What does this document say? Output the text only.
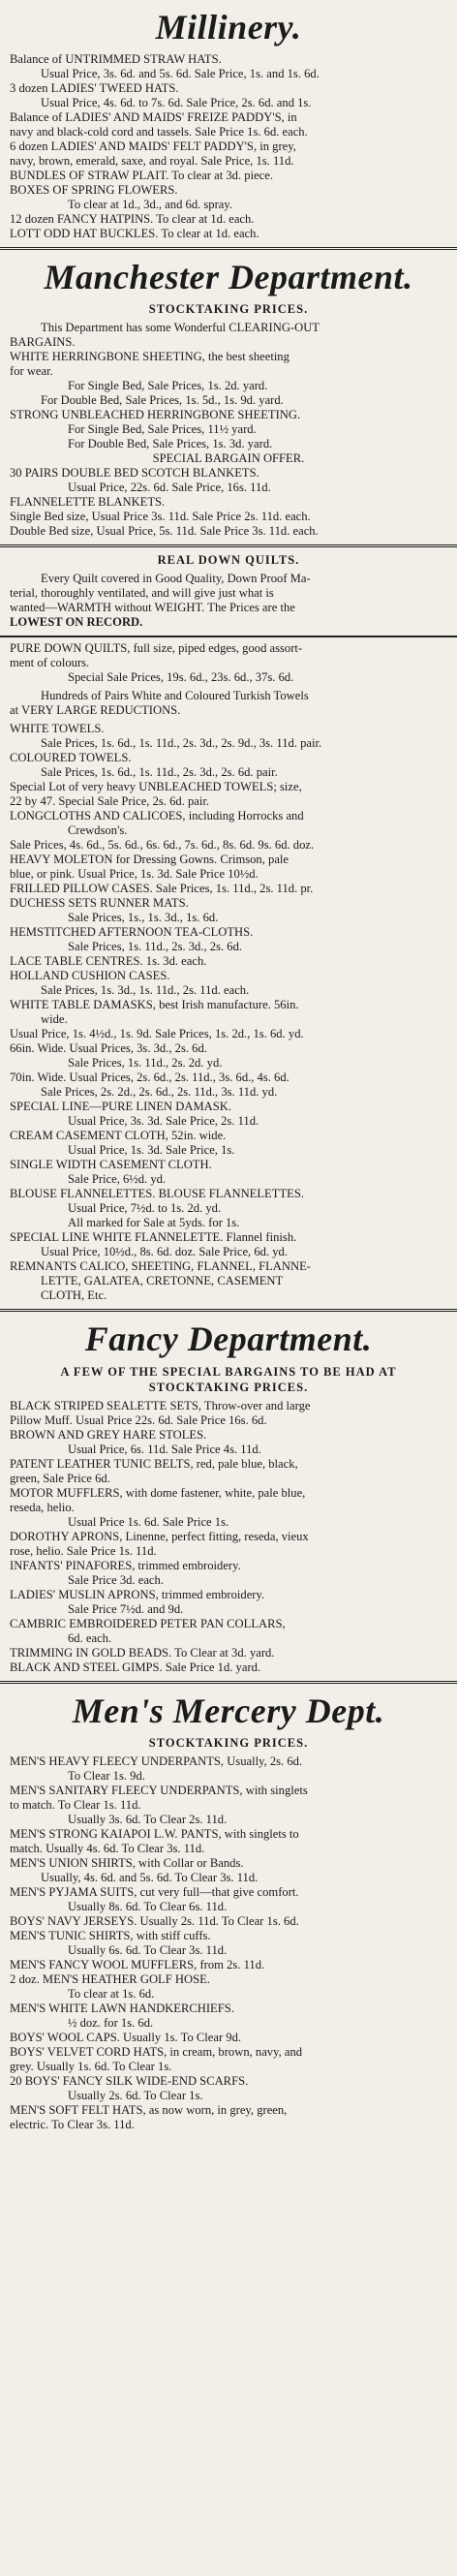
Millinery.
Balance of UNTRIMMED STRAW HATS.
Usual Price, 3s. 6d. and 5s. 6d. Sale Price, 1s. and 1s. 6d.
3 dozen LADIES' TWEED HATS.
Usual Price, 4s. 6d. to 7s. 6d. Sale Price, 2s. 6d. and 1s.
Balance of LADIES' AND MAIDS' FREIZE PADDY'S, in
navy and black-cold cord and tassels. Sale Price 1s. 6d. each.
6 dozen LADIES' AND MAIDS' FELT PADDY'S, in grey,
navy, brown, emerald, saxe, and royal. Sale Price, 1s. 11d.
BUNDLES OF STRAW PLAIT. To clear at 3d. piece.
BOXES OF SPRING FLOWERS.
To clear at 1d., 3d., and 6d. spray.
12 dozen FANCY HATPINS. To clear at 1d. each.
LOTT ODD HAT BUCKLES. To clear at 1d. each.
Manchester Department.
STOCKTAKING PRICES.
This Department has some Wonderful CLEARING-OUT
BARGAINS.
WHITE HERRINGBONE SHEETING, the best sheeting
for wear.
For Single Bed, Sale Prices, 1s. 2d. yard.
For Double Bed, Sale Prices, 1s. 5d., 1s. 9d. yard.
STRONG UNBLEACHED HERRINGBONE SHEETING.
For Single Bed, Sale Prices, 11½ yard.
For Double Bed, Sale Prices, 1s. 3d. yard.
SPECIAL BARGAIN OFFER.
30 PAIRS DOUBLE BED SCOTCH BLANKETS.
Usual Price, 22s. 6d. Sale Price, 16s. 11d.
FLANNELETTE BLANKETS.
Single Bed size, Usual Price 3s. 11d. Sale Price 2s. 11d. each.
Double Bed size, Usual Price, 5s. 11d. Sale Price 3s. 11d. each.
REAL DOWN QUILTS.
Every Quilt covered in Good Quality, Down Proof Ma-
terial, thoroughly ventilated, and will give just what is
wanted—WARMTH without WEIGHT. The Prices are the
LOWEST ON RECORD.
PURE DOWN QUILTS, full size, piped edges, good assort-
ment of colours.
Special Sale Prices, 19s. 6d., 23s. 6d., 37s. 6d.
Hundreds of Pairs White and Coloured Turkish Towels
at VERY LARGE REDUCTIONS.
WHITE TOWELS.
Sale Prices, 1s. 6d., 1s. 11d., 2s. 3d., 2s. 9d., 3s. 11d. pair.
COLOURED TOWELS.
Sale Prices, 1s. 6d., 1s. 11d., 2s. 3d., 2s. 6d. pair.
Special Lot of very heavy UNBLEACHED TOWELS; size,
22 by 47. Special Sale Price, 2s. 6d. pair.
LONGCLOTHS AND CALICOES, including Horrocks and
Crewdson's.
Sale Prices, 4s. 6d., 5s. 6d., 6s. 6d., 7s. 6d., 8s. 6d. 9s. 6d. doz.
HEAVY MOLETON for Dressing Gowns. Crimson, pale
blue, or pink. Usual Price, 1s. 3d. Sale Price 10½d.
FRILLED PILLOW CASES. Sale Prices, 1s. 11d., 2s. 11d. pr.
DUCHESS SETS RUNNER MATS.
Sale Prices, 1s., 1s. 3d., 1s. 6d.
HEMSTITCHED AFTERNOON TEA-CLOTHS.
Sale Prices, 1s. 11d., 2s. 3d., 2s. 6d.
LACE TABLE CENTRES. 1s. 3d. each.
HOLLAND CUSHION CASES.
Sale Prices, 1s. 3d., 1s. 11d., 2s. 11d. each.
WHITE TABLE DAMASKS, best Irish manufacture. 56in.
wide.
Usual Price, 1s. 4½d., 1s. 9d. Sale Prices, 1s. 2d., 1s. 6d. yd.
66in. Wide. Usual Prices, 3s. 3d., 2s. 6d.
Sale Prices, 1s. 11d., 2s. 2d. yd.
70in. Wide. Usual Prices, 2s. 6d., 2s. 11d., 3s. 6d., 4s. 6d.
Sale Prices, 2s. 2d., 2s. 6d., 2s. 11d., 3s. 11d. yd.
SPECIAL LINE—PURE LINEN DAMASK.
Usual Price, 3s. 3d. Sale Price, 2s. 11d.
CREAM CASEMENT CLOTH, 52in. wide.
Usual Price, 1s. 3d. Sale Price, 1s.
SINGLE WIDTH CASEMENT CLOTH.
Sale Price, 6½d. yd.
BLOUSE FLANNELETTES. BLOUSE FLANNELETTES.
Usual Price, 7½d. to 1s. 2d. yd.
All marked for Sale at 5yds. for 1s.
SPECIAL LINE WHITE FLANNELETTE. Flannel finish.
Usual Price, 10½d., 8s. 6d. doz. Sale Price, 6d. yd.
REMNANTS CALICO, SHEETING, FLANNEL, FLANNE-
LETTE, GALATEA, CRETONNE, CASEMENT
CLOTH, Etc.
Fancy Department.
A FEW OF THE SPECIAL BARGAINS TO BE HAD AT STOCKTAKING PRICES.
BLACK STRIPED SEALETTE SETS, Throw-over and large
Pillow Muff. Usual Price 22s. 6d. Sale Price 16s. 6d.
BROWN AND GREY HARE STOLES.
Usual Price, 6s. 11d. Sale Price 4s. 11d.
PATENT LEATHER TUNIC BELTS, red, pale blue, black,
green, Sale Price 6d.
MOTOR MUFFLERS, with dome fastener, white, pale blue,
reseda, helio.
Usual Price 1s. 6d. Sale Price 1s.
DOROTHY APRONS, Linenne, perfect fitting, reseda, vieux
rose, helio. Sale Price 1s. 11d.
INFANTS' PINAFORES, trimmed embroidery.
Sale Price 3d. each.
LADIES' MUSLIN APRONS, trimmed embroidery.
Sale Price 7½d. and 9d.
CAMBRIC EMBROIDERED PETER PAN COLLARS,
6d. each.
TRIMMING IN GOLD BEADS. To Clear at 3d. yard.
BLACK AND STEEL GIMPS. Sale Price 1d. yard.
Men's Mercery Dept.
STOCKTAKING PRICES.
MEN'S HEAVY FLEECY UNDERPANTS, Usually, 2s. 6d.
To Clear 1s. 9d.
MEN'S SANITARY FLEECY UNDERPANTS, with singlets
to match. To Clear 1s. 11d.
Usually 3s. 6d. To Clear 2s. 11d.
MEN'S STRONG KAIAPOI L.W. PANTS, with singlets to
match. Usually 4s. 6d. To Clear 3s. 11d.
MEN'S UNION SHIRTS, with Collar or Bands.
Usually, 4s. 6d. and 5s. 6d. To Clear 3s. 11d.
MEN'S PYJAMA SUITS, cut very full—that give comfort.
Usually 8s. 6d. To Clear 6s. 11d.
BOYS' NAVY JERSEYS. Usually 2s. 11d. To Clear 1s. 6d.
MEN'S TUNIC SHIRTS, with stiff cuffs.
Usually 6s. 6d. To Clear 3s. 11d.
MEN'S FANCY WOOL MUFFLERS, from 2s. 11d.
2 doz. MEN'S HEATHER GOLF HOSE.
To clear at 1s. 6d.
MEN'S WHITE LAWN HANDKERCHIEFS.
½ doz. for 1s. 6d.
BOYS' WOOL CAPS. Usually 1s. To Clear 9d.
BOYS' VELVET CORD HATS, in cream, brown, navy, and
grey. Usually 1s. 6d. To Clear 1s.
20 BOYS' FANCY SILK WIDE-END SCARFS.
Usually 2s. 6d. To Clear 1s.
MEN'S SOFT FELT HATS, as now worn, in grey, green,
electric. To Clear 3s. 11d.
